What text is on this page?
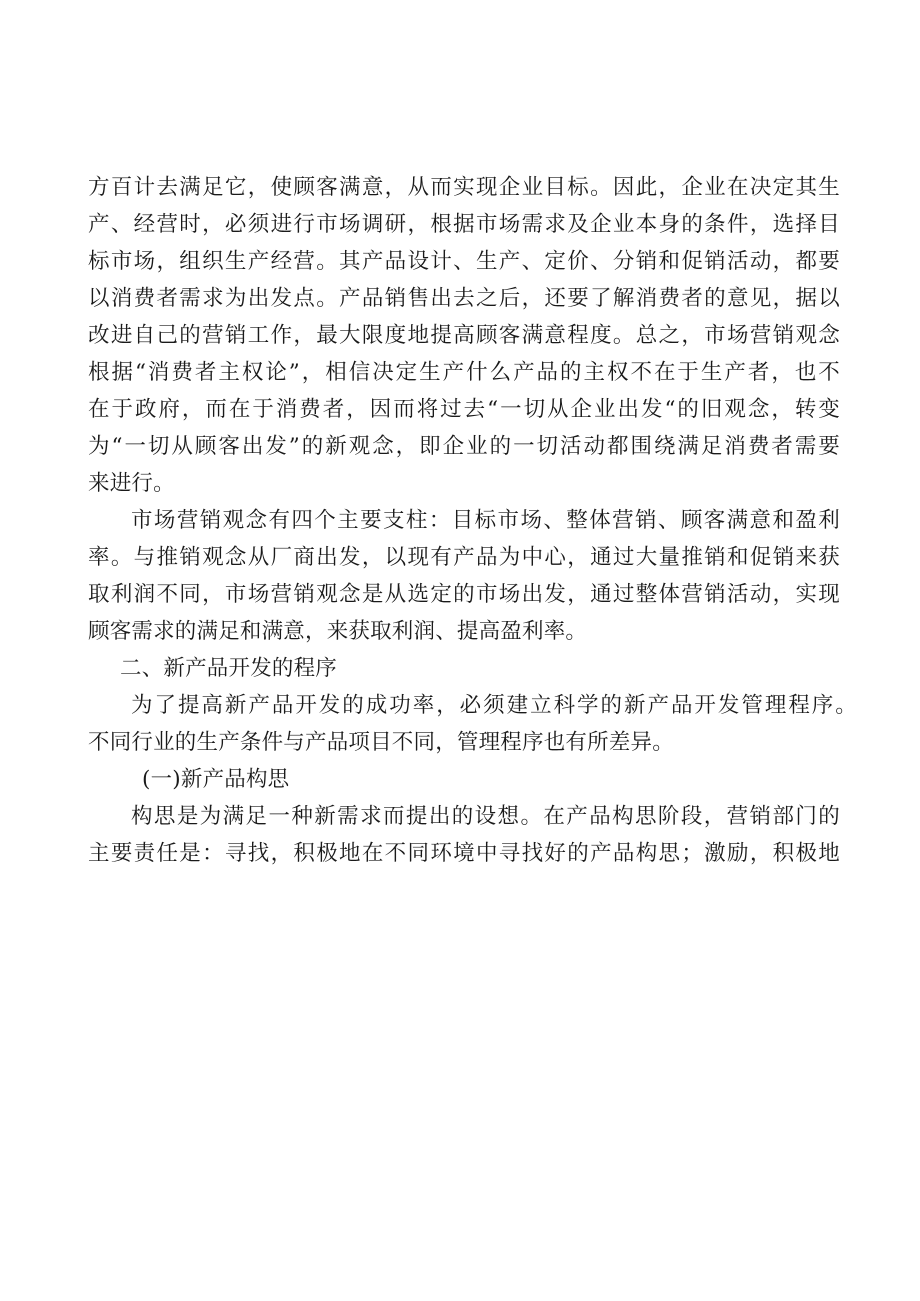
方百计去满足它，使顾客满意，从而实现企业目标。因此，企业在决定其生
产、经营时，必须进行市场调研，根据市场需求及企业本身的条件，选择目
标市场，组织生产经营。其产品设计、生产、定价、分销和促销活动，都要
以消费者需求为出发点。产品销售出去之后，还要了解消费者的意见，据以
改进自己的营销工作，最大限度地提高顾客满意程度。总之，市场营销观念
根据“消费者主权论”，相信决定生产什么产品的主权不在于生产者，也不
在于政府，而在于消费者，因而将过去“一切从企业出发“的旧观念，转变
为“一切从顾客出发”的新观念，即企业的一切活动都围绕满足消费者需要
来进行。
市场营销观念有四个主要支柱：目标市场、整体营销、顾客满意和盈利
率。与推销观念从厂商出发，以现有产品为中心，通过大量推销和促销来获
取利润不同，市场营销观念是从选定的市场出发，通过整体营销活动，实现
顾客需求的满足和满意，来获取利润、提高盈利率。
二、新产品开发的程序
为了提高新产品开发的成功率，必须建立科学的新产品开发管理程序。
不同行业的生产条件与产品项目不同，管理程序也有所差异。
(一)新产品构思
构思是为满足一种新需求而提出的设想。在产品构思阶段，营销部门的
主要责任是：寻找，积极地在不同环境中寻找好的产品构思；激励，积极地
